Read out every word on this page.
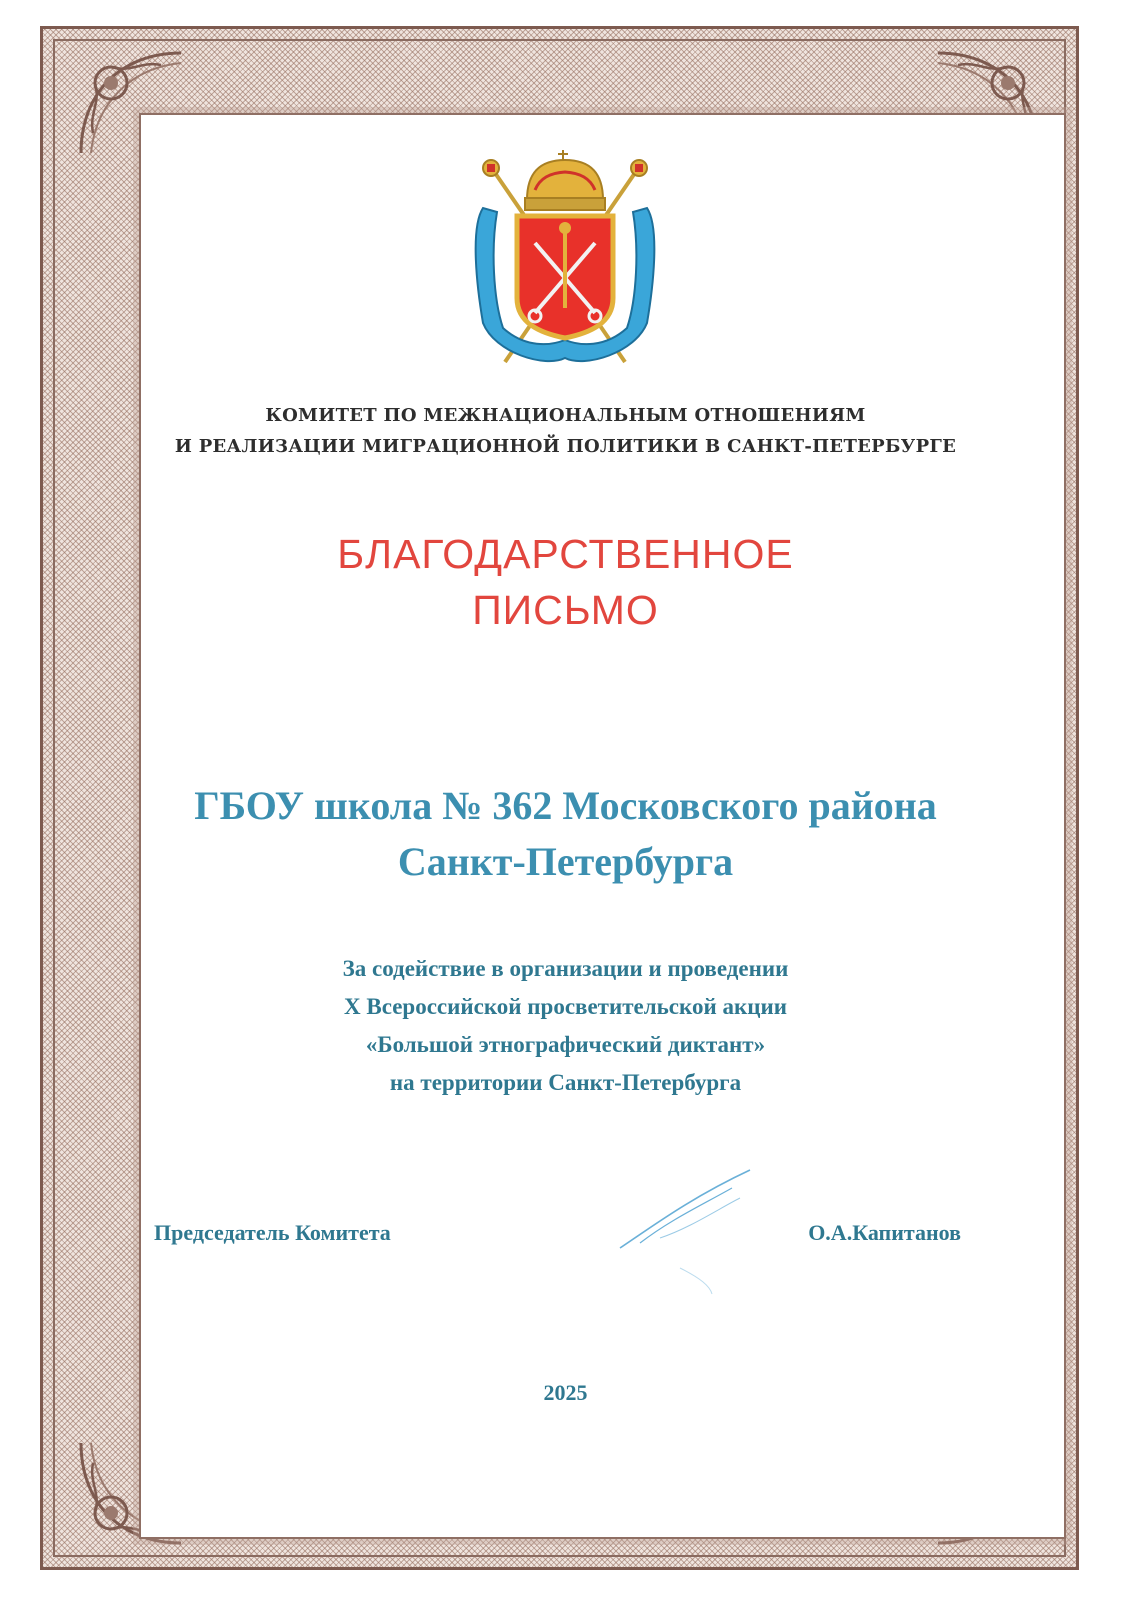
КОМИТЕТ ПО МЕЖНАЦИОНАЛЬНЫМ ОТНОШЕНИЯМ
И РЕАЛИЗАЦИИ МИГРАЦИОННОЙ ПОЛИТИКИ В САНКТ-ПЕТЕРБУРГЕ
БЛАГОДАРСТВЕННОЕ
ПИСЬМО
ГБОУ школа № 362 Московского района
Санкт-Петербурга
За содействие в организации и проведении
X Всероссийской просветительской акции
«Большой этнографический диктант»
на территории Санкт-Петербурга
Председатель Комитета	О.А.Капитанов
2025
